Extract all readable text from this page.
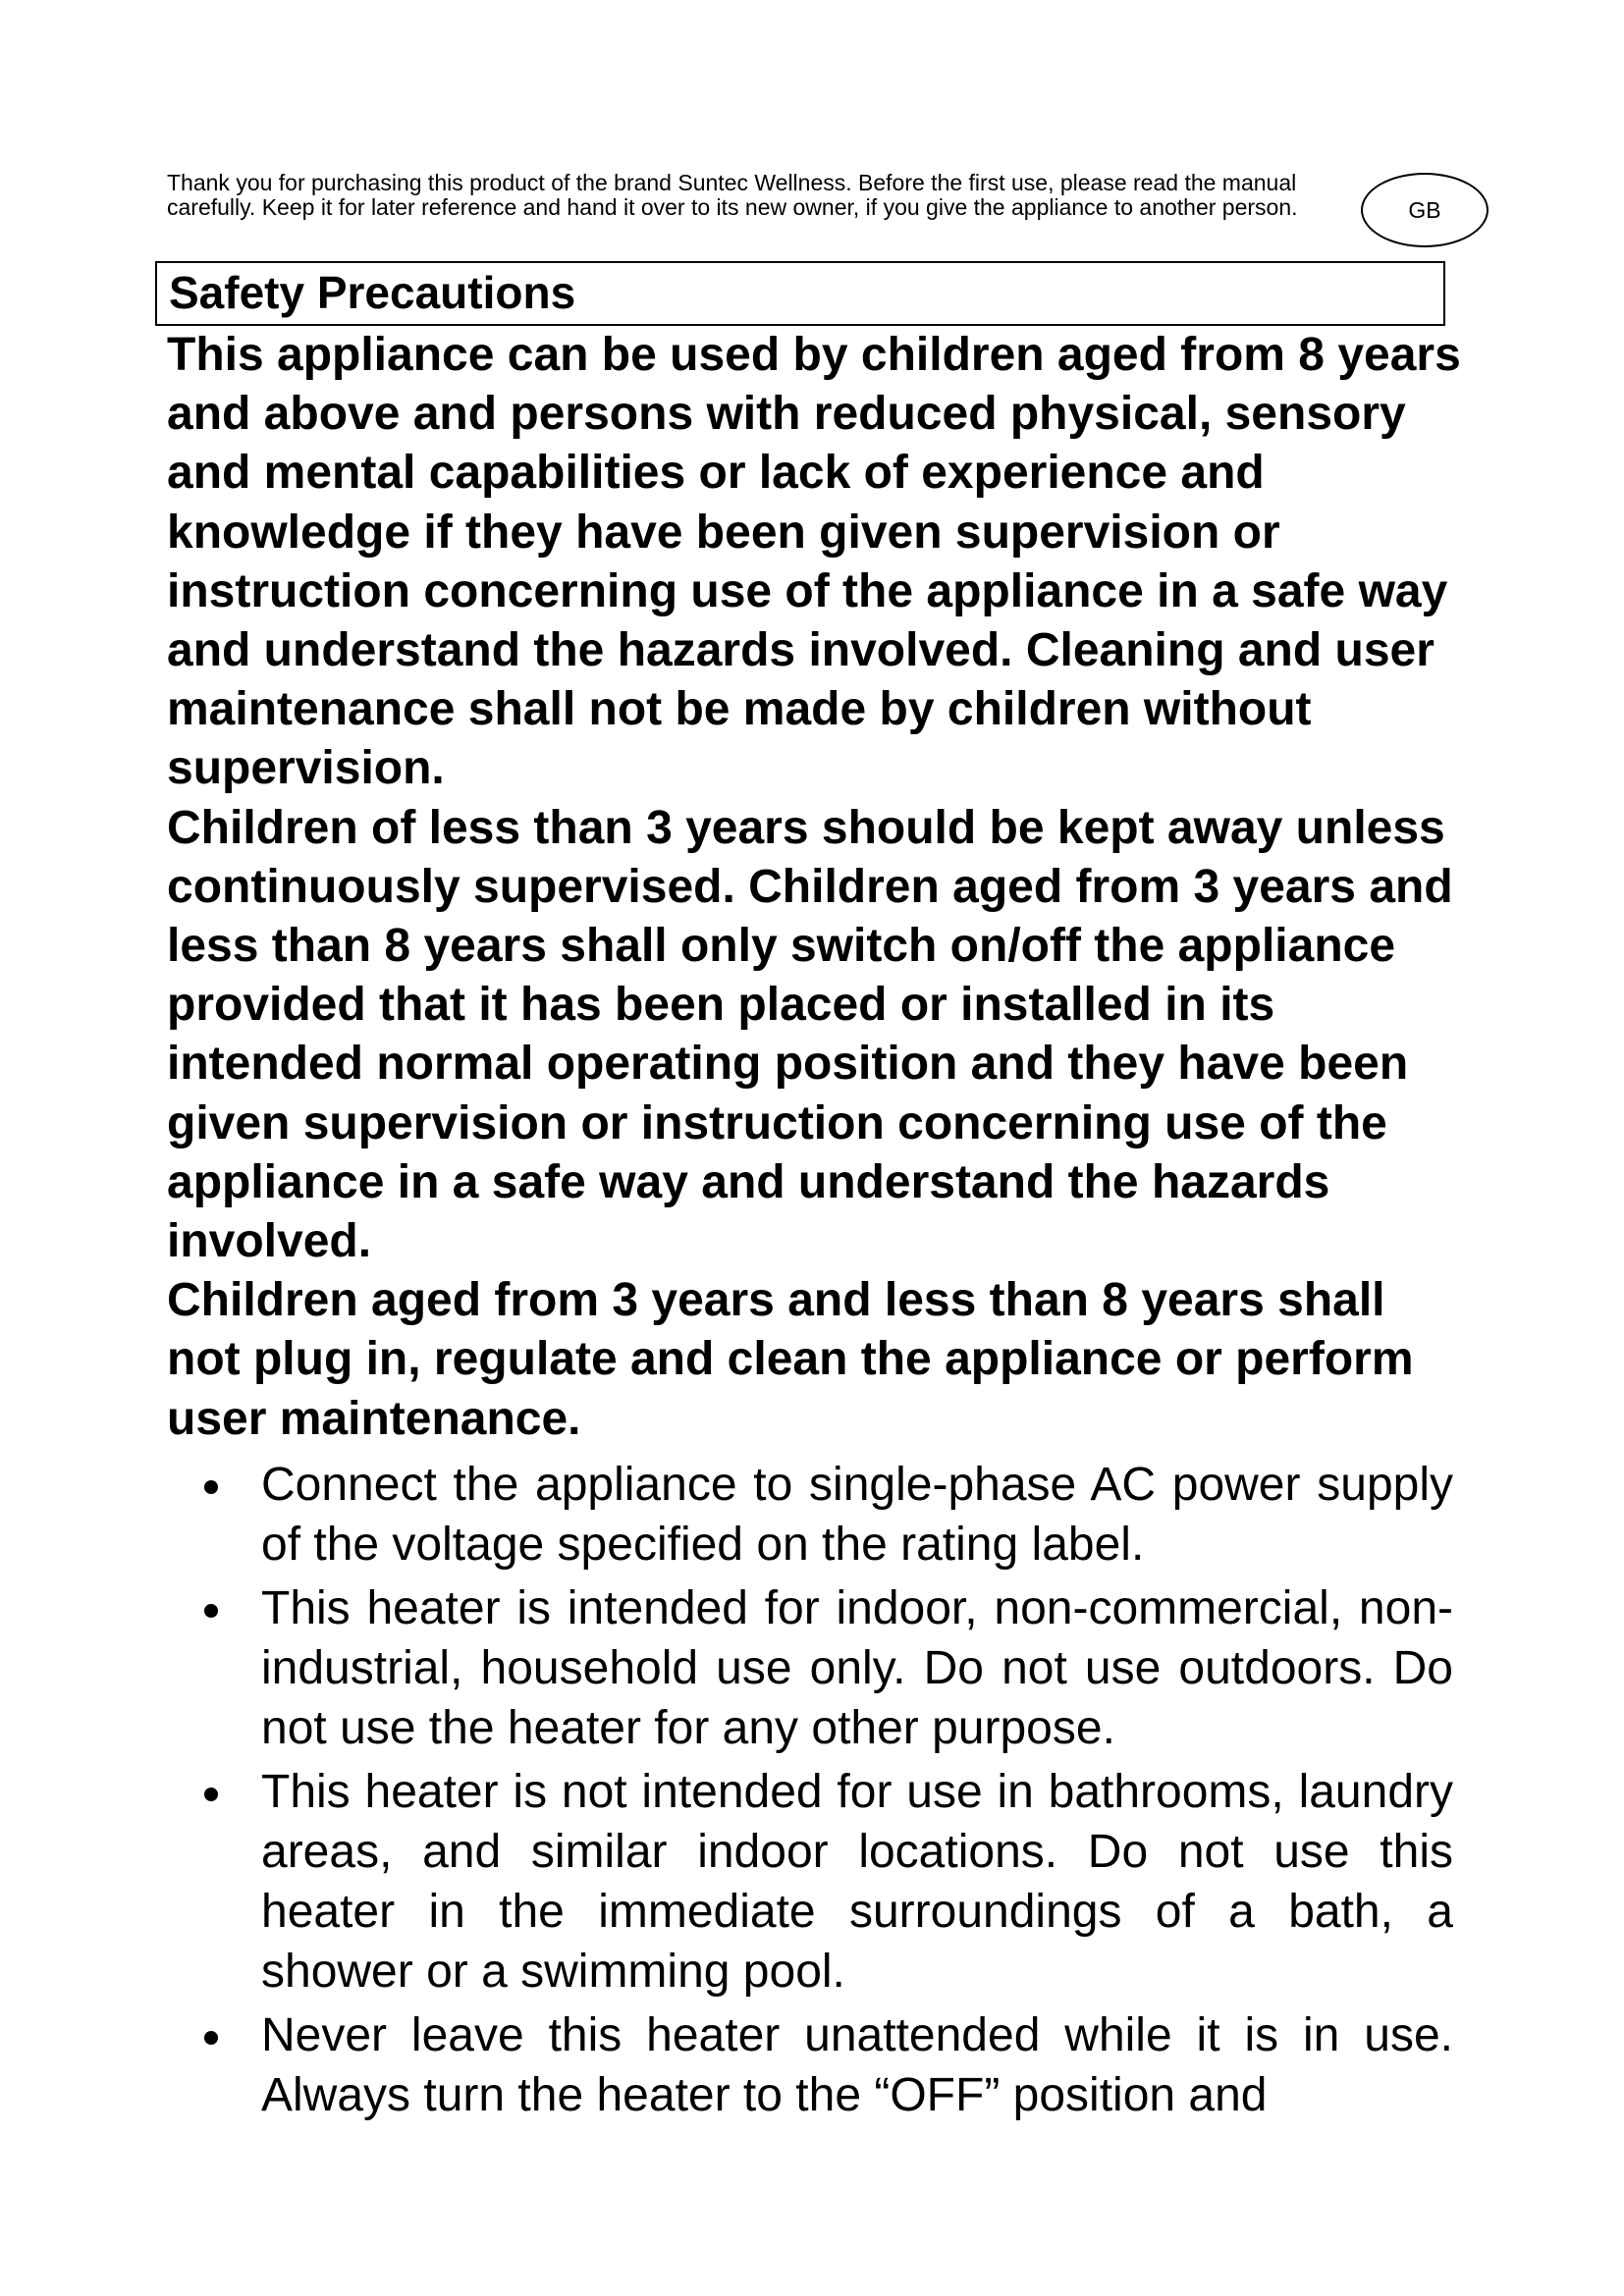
Thank you for purchasing this product of the brand Suntec Wellness. Before the first use, please read the manual carefully. Keep it for later reference and hand it over to its new owner, if you give the appliance to another person.	GB
Safety Precautions

This appliance can be used by children aged from 8 years and above and persons with reduced physical, sensory and mental capabilities or lack of experience and knowledge if they have been given supervision or instruction concerning use of the appliance in a safe way and understand the hazards involved. Cleaning and user maintenance shall not be made by children without supervision.

Children of less than 3 years should be kept away unless continuously supervised. Children aged from 3 years and less than 8 years shall only switch on/off the appliance provided that it has been placed or installed in its intended normal operating position and they have been given supervision or instruction concerning use of the appliance in a safe way and understand the hazards involved.

Children aged from 3 years and less than 8 years shall not plug in, regulate and clean the appliance or perform user maintenance.

Connect the appliance to single-phase AC power supply of the voltage specified on the rating label.
This heater is intended for indoor, non-commercial, non-industrial, household use only. Do not use outdoors. Do not use the heater for any other purpose.
This heater is not intended for use in bathrooms, laundry areas, and similar indoor locations. Do not use this heater in the immediate surroundings of a bath, a shower or a swimming pool.
Never leave this heater unattended while it is in use. Always turn the heater to the “OFF” position and
